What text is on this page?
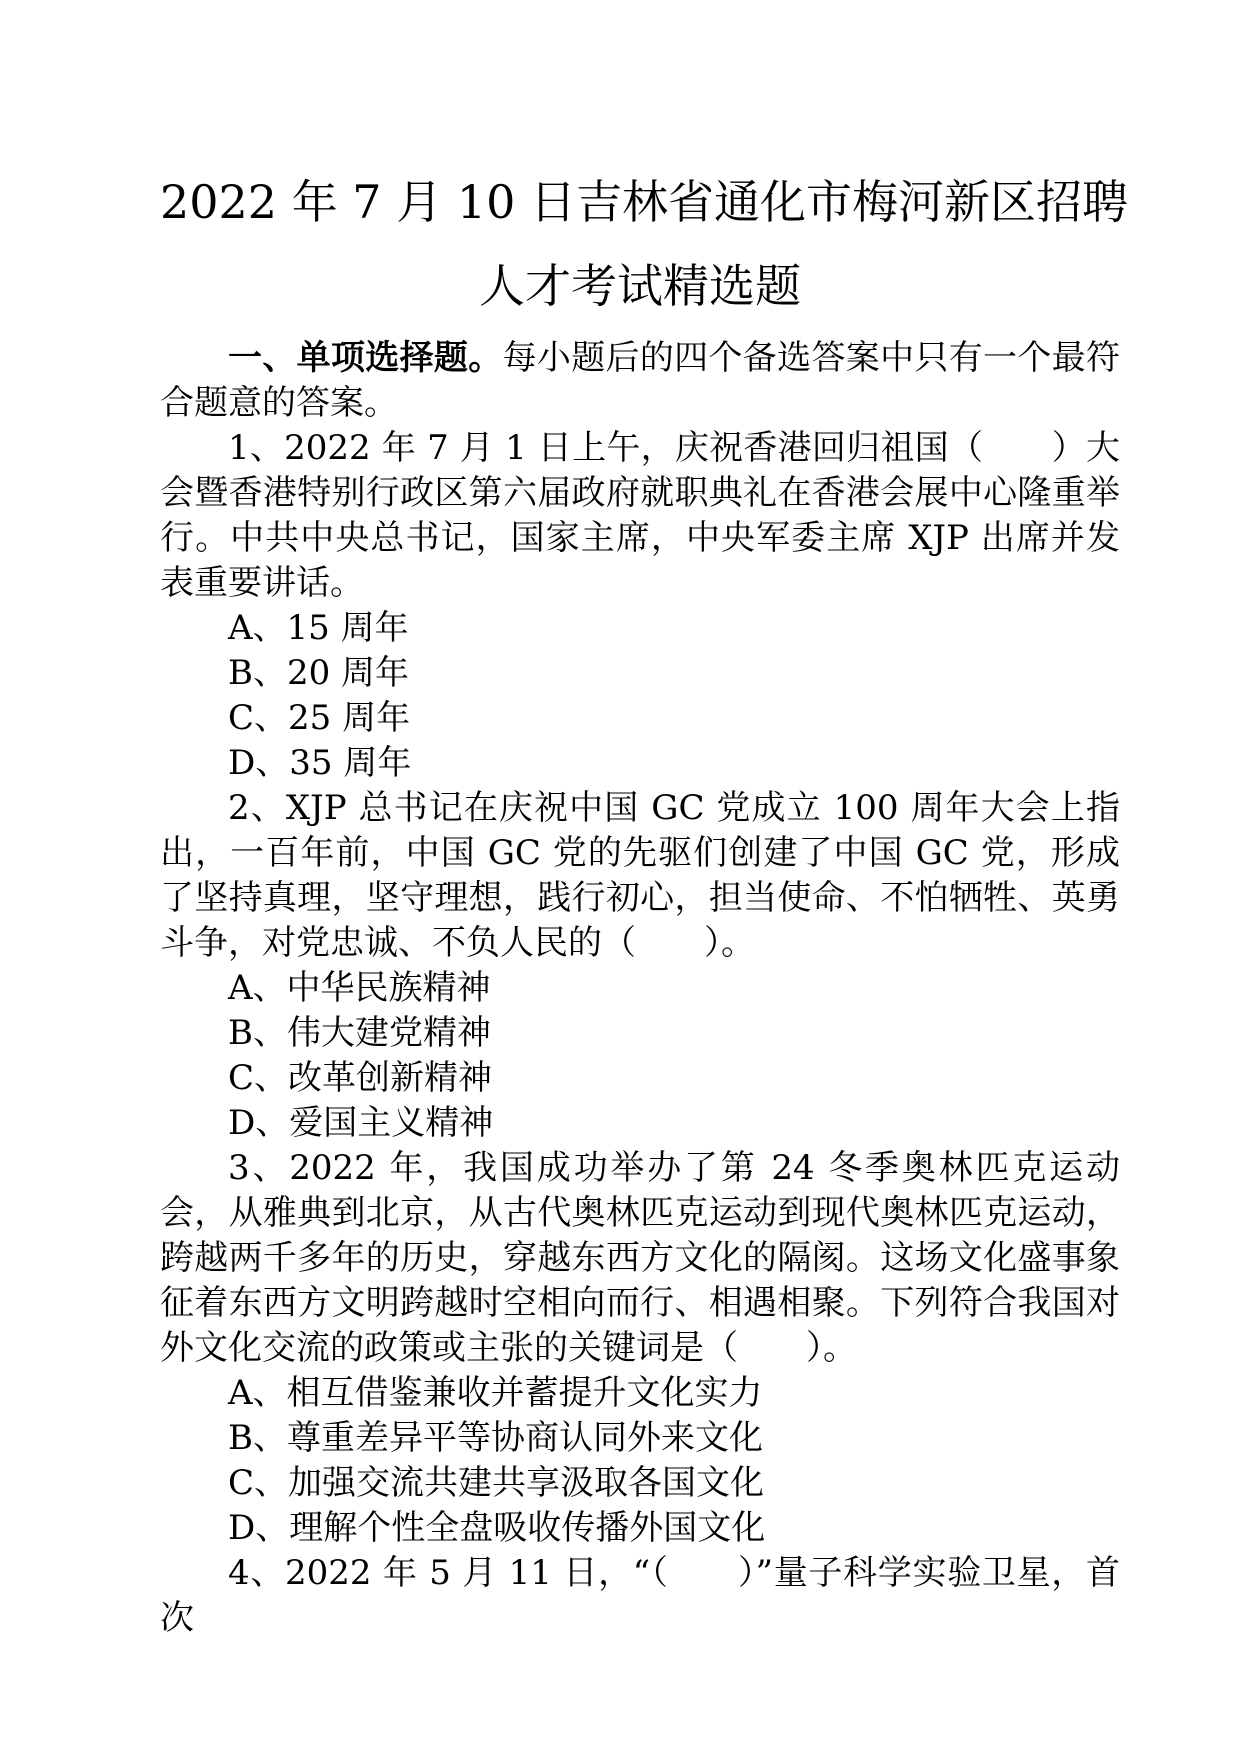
2022 年 7 月 10 日吉林省通化市梅河新区招聘
人才考试精选题

一、单项选择题。每小题后的四个备选答案中只有一个最符合题意的答案。

1、2022 年 7 月 1 日上午，庆祝香港回归祖国（　　）大会暨香港特别行政区第六届政府就职典礼在香港会展中心隆重举行。中共中央总书记，国家主席，中央军委主席 XJP 出席并发表重要讲话。

A、15 周年

B、20 周年

C、25 周年

D、35 周年

2、XJP 总书记在庆祝中国 GC 党成立 100 周年大会上指出，一百年前，中国 GC 党的先驱们创建了中国 GC 党，形成了坚持真理，坚守理想，践行初心，担当使命、不怕牺牲、英勇斗争，对党忠诚、不负人民的（　　）。

A、中华民族精神

B、伟大建党精神

C、改革创新精神

D、爱国主义精神

3、2022 年，我国成功举办了第 24 冬季奥林匹克运动会，从雅典到北京，从古代奥林匹克运动到现代奥林匹克运动，跨越两千多年的历史，穿越东西方文化的隔阂。这场文化盛事象征着东西方文明跨越时空相向而行、相遇相聚。下列符合我国对外文化交流的政策或主张的关键词是（　　）。

A、相互借鉴兼收并蓄提升文化实力

B、尊重差异平等协商认同外来文化

C、加强交流共建共享汲取各国文化

D、理解个性全盘吸收传播外国文化

4、2022 年 5 月 11 日，“（　　）”量子科学实验卫星，首次
